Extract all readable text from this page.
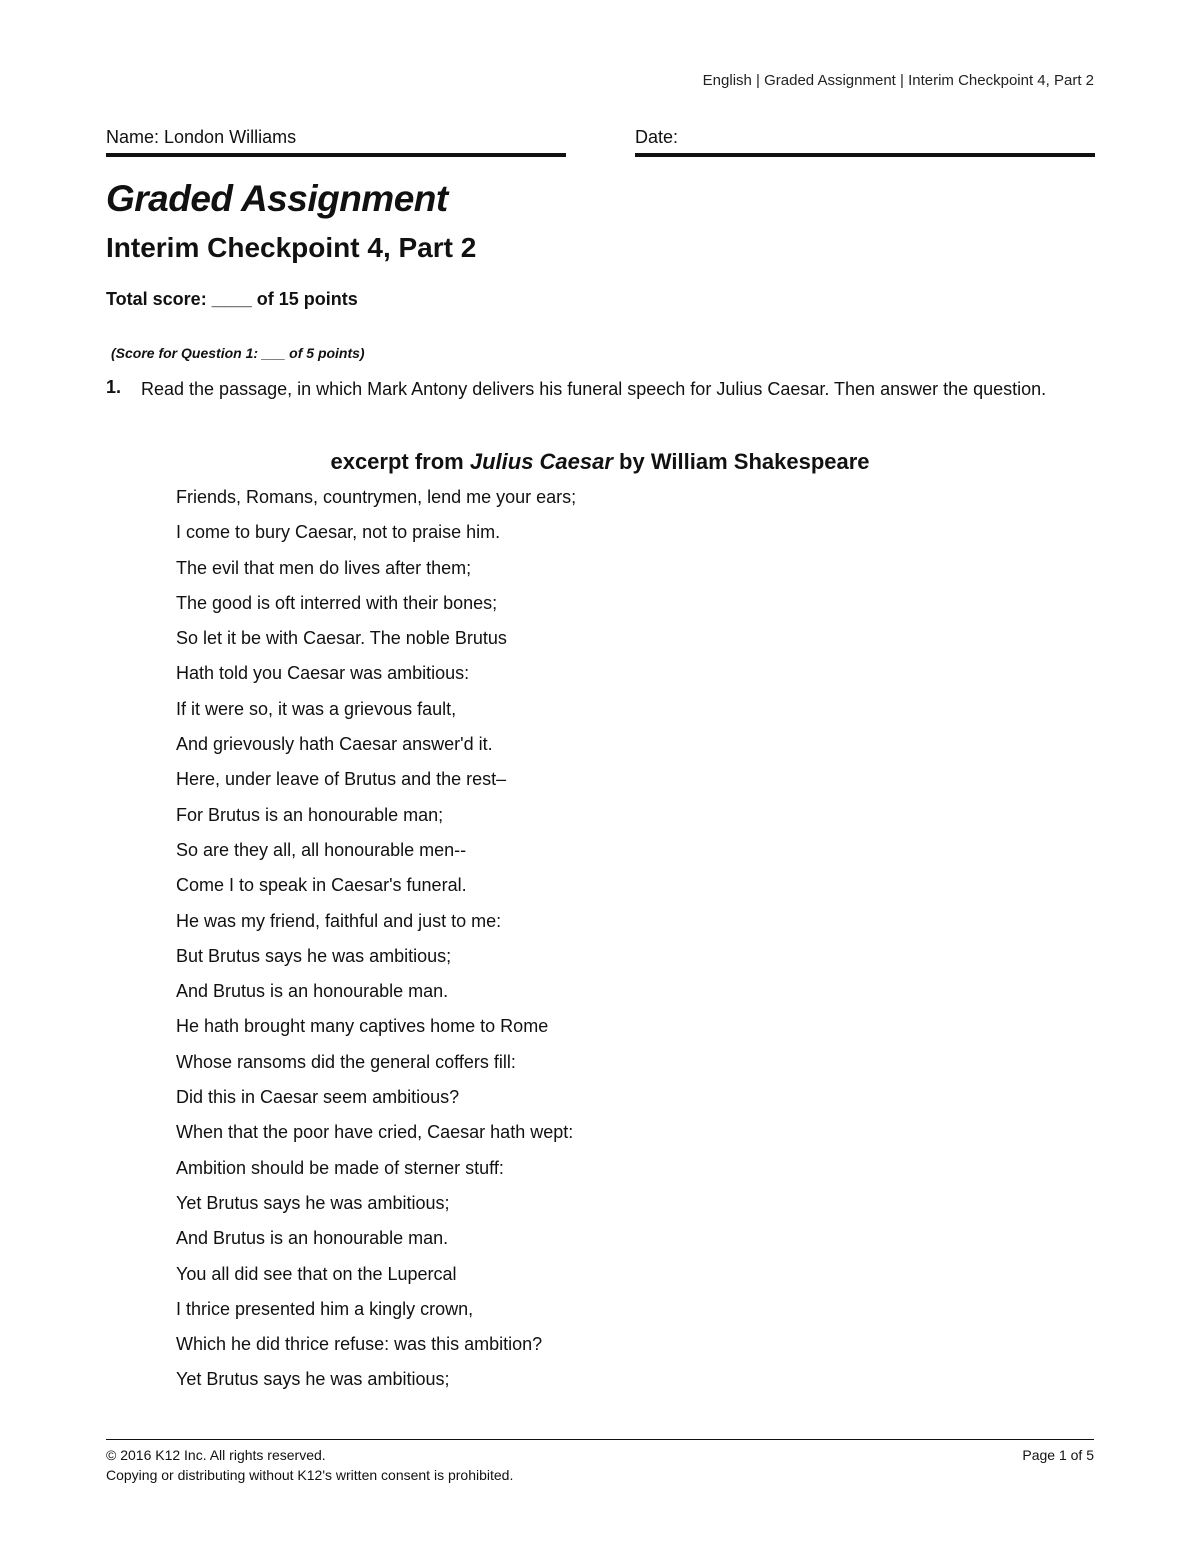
English | Graded Assignment | Interim Checkpoint 4, Part 2
Name: London Williams	Date:
Graded Assignment
Interim Checkpoint 4, Part 2
Total score: ____ of 15 points
(Score for Question 1: ___ of 5 points)
1. Read the passage, in which Mark Antony delivers his funeral speech for Julius Caesar. Then answer the question.
excerpt from Julius Caesar by William Shakespeare
Friends, Romans, countrymen, lend me your ears;
I come to bury Caesar, not to praise him.
The evil that men do lives after them;
The good is oft interred with their bones;
So let it be with Caesar. The noble Brutus
Hath told you Caesar was ambitious:
If it were so, it was a grievous fault,
And grievously hath Caesar answer'd it.
Here, under leave of Brutus and the rest–
For Brutus is an honourable man;
So are they all, all honourable men--
Come I to speak in Caesar's funeral.
He was my friend, faithful and just to me:
But Brutus says he was ambitious;
And Brutus is an honourable man.
He hath brought many captives home to Rome
Whose ransoms did the general coffers fill:
Did this in Caesar seem ambitious?
When that the poor have cried, Caesar hath wept:
Ambition should be made of sterner stuff:
Yet Brutus says he was ambitious;
And Brutus is an honourable man.
You all did see that on the Lupercal
I thrice presented him a kingly crown,
Which he did thrice refuse: was this ambition?
Yet Brutus says he was ambitious;
© 2016 K12 Inc. All rights reserved.
Copying or distributing without K12's written consent is prohibited.
Page 1 of 5
